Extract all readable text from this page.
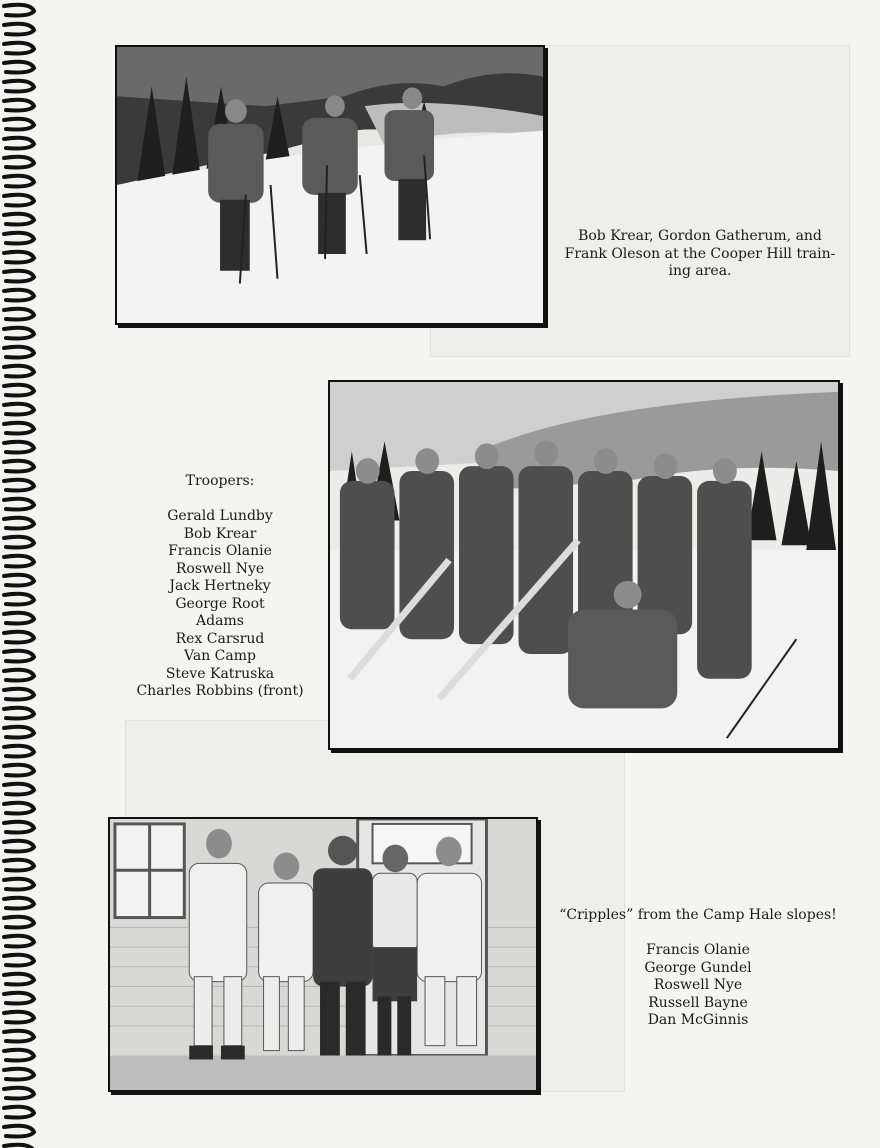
Bob Krear, Gordon Gatherum, and
Frank Oleson at the Cooper Hill train-
ing area.
Troopers:

Gerald Lundby
Bob Krear
Francis Olanie
Roswell Nye
Jack Hertneky
George Root
Adams
Rex Carsrud
Van Camp
Steve Katruska
Charles Robbins (front)
“Cripples” from the Camp Hale slopes!

Francis Olanie
George Gundel
Roswell Nye
Russell Bayne
Dan McGinnis
